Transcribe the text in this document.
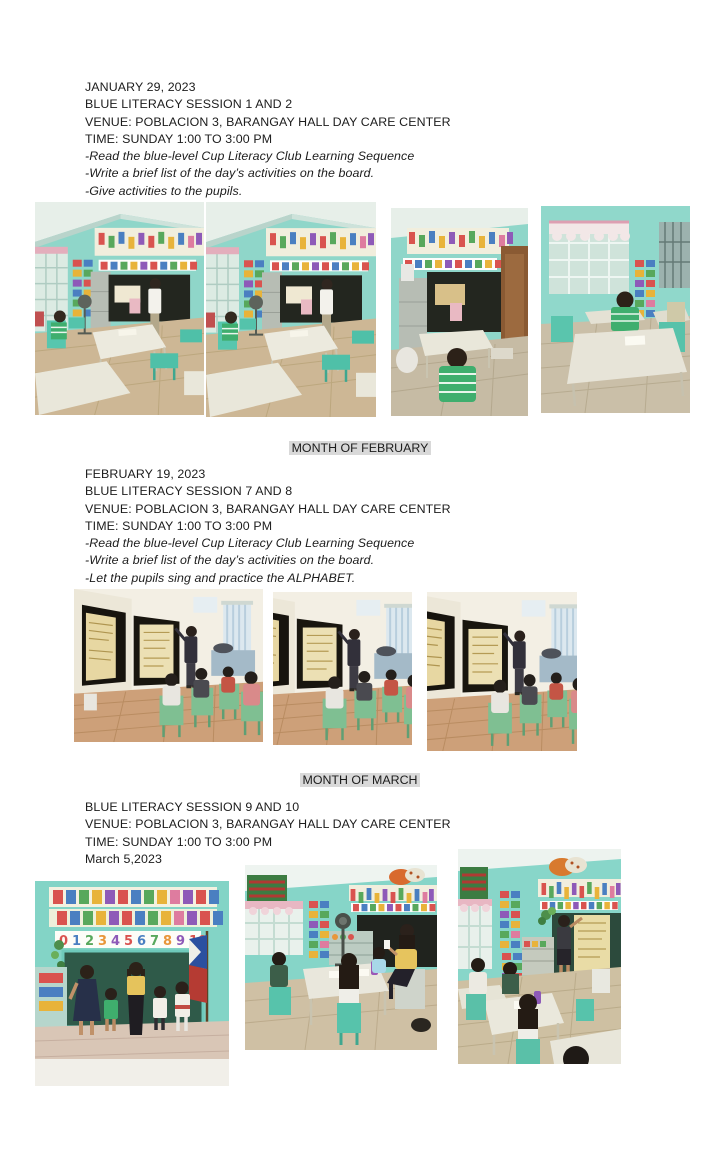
JANUARY 29, 2023
BLUE LITERACY SESSION 1 AND 2
VENUE: POBLACION 3, BARANGAY HALL DAY CARE CENTER
TIME: SUNDAY 1:00 TO 3:00 PM
-Read the blue-level Cup Literacy Club Learning Sequence
-Write a brief list of the day’s activities on the board.
-Give activities to the pupils.
MONTH OF FEBRUARY
FEBRUARY 19, 2023
BLUE LITERACY SESSION 7 AND 8
VENUE: POBLACION 3, BARANGAY HALL DAY CARE CENTER
TIME: SUNDAY 1:00 TO 3:00 PM
-Read the blue-level Cup Literacy Club Learning Sequence
-Write a brief list of the day’s activities on the board.
-Let the pupils sing and practice the ALPHABET.
MONTH OF MARCH
BLUE LITERACY SESSION 9 AND 10
VENUE: POBLACION 3, BARANGAY HALL DAY CARE CENTER
TIME: SUNDAY 1:00 TO 3:00 PM
March 5,2023
